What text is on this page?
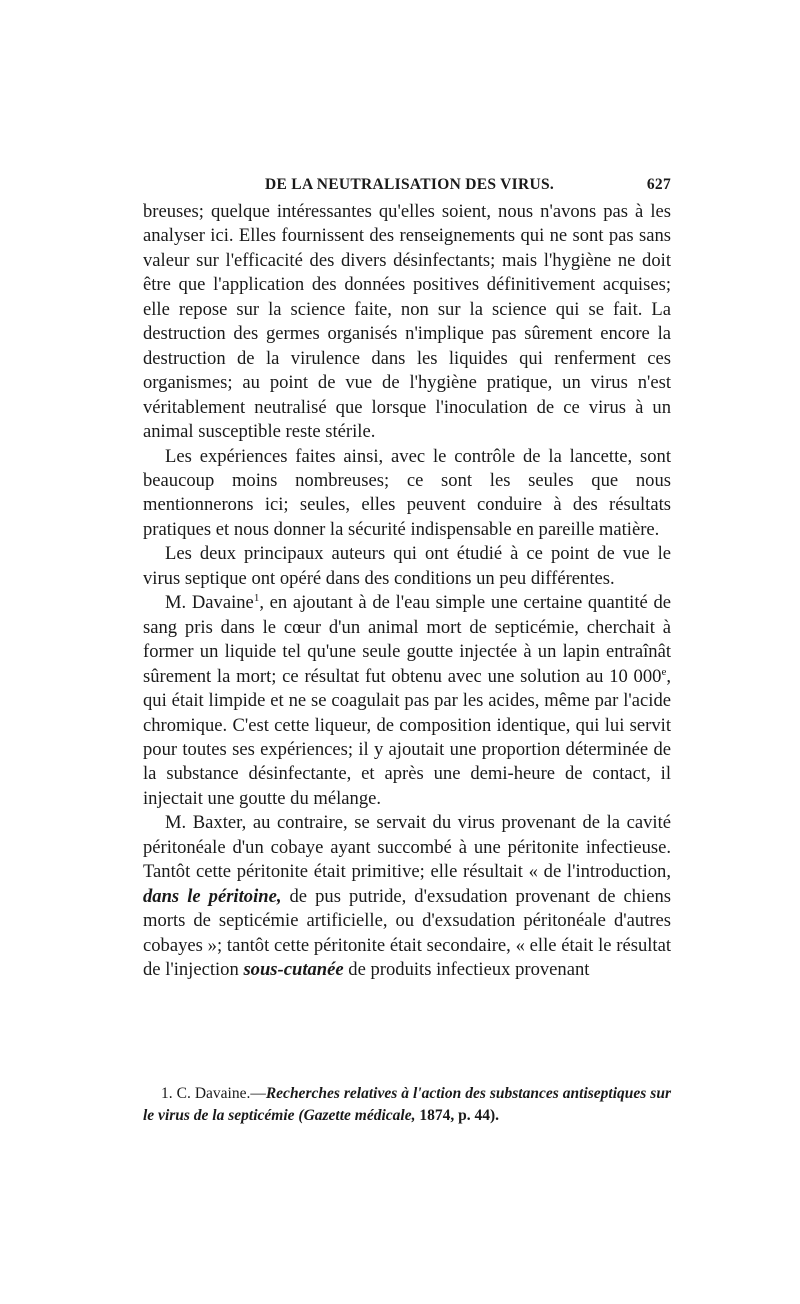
DE LA NEUTRALISATION DES VIRUS.	627

breuses; quelque intéressantes qu'elles soient, nous n'avons pas à les analyser ici. Elles fournissent des renseignements qui ne sont pas sans valeur sur l'efficacité des divers désinfectants; mais l'hygiène ne doit être que l'application des données positives définitivement acquises; elle repose sur la science faite, non sur la science qui se fait. La destruction des germes organisés n'implique pas sûrement encore la destruction de la virulence dans les liquides qui renferment ces organismes; au point de vue de l'hygiène pratique, un virus n'est véritablement neutralisé que lorsque l'inoculation de ce virus à un animal susceptible reste stérile.

Les expériences faites ainsi, avec le contrôle de la lancette, sont beaucoup moins nombreuses; ce sont les seules que nous mentionnerons ici; seules, elles peuvent conduire à des résultats pratiques et nous donner la sécurité indispensable en pareille matière.

Les deux principaux auteurs qui ont étudié à ce point de vue le virus septique ont opéré dans des conditions un peu différentes.

M. Davaine$^1$, en ajoutant à de l'eau simple une certaine quantité de sang pris dans le cœur d'un animal mort de septicémie, cherchait à former un liquide tel qu'une seule goutte injectée à un lapin entraînât sûrement la mort; ce résultat fut obtenu avec une solution au 10 000e, qui était limpide et ne se coagulait pas par les acides, même par l'acide chromique. C'est cette liqueur, de composition identique, qui lui servit pour toutes ses expériences; il y ajoutait une proportion déterminée de la substance désinfectante, et après une demi-heure de contact, il injectait une goutte du mélange.

M. Baxter, au contraire, se servait du virus provenant de la cavité péritonéale d'un cobaye ayant succombé à une péritonite infectieuse. Tantôt cette péritonite était primitive; elle résultait « de l'introduction, dans le péritoine, de pus putride, d'exsudation provenant de chiens morts de septicémie artificielle, ou d'exsudation péritonéale d'autres cobayes »; tantôt cette péritonite était secondaire, « elle était le résultat de l'injection sous-cutanée de produits infectieux provenant

1. C. Davaine.—Recherches relatives à l'action des substances antiseptiques sur le virus de la septicémie (Gazette médicale, 1874, p. 44).
